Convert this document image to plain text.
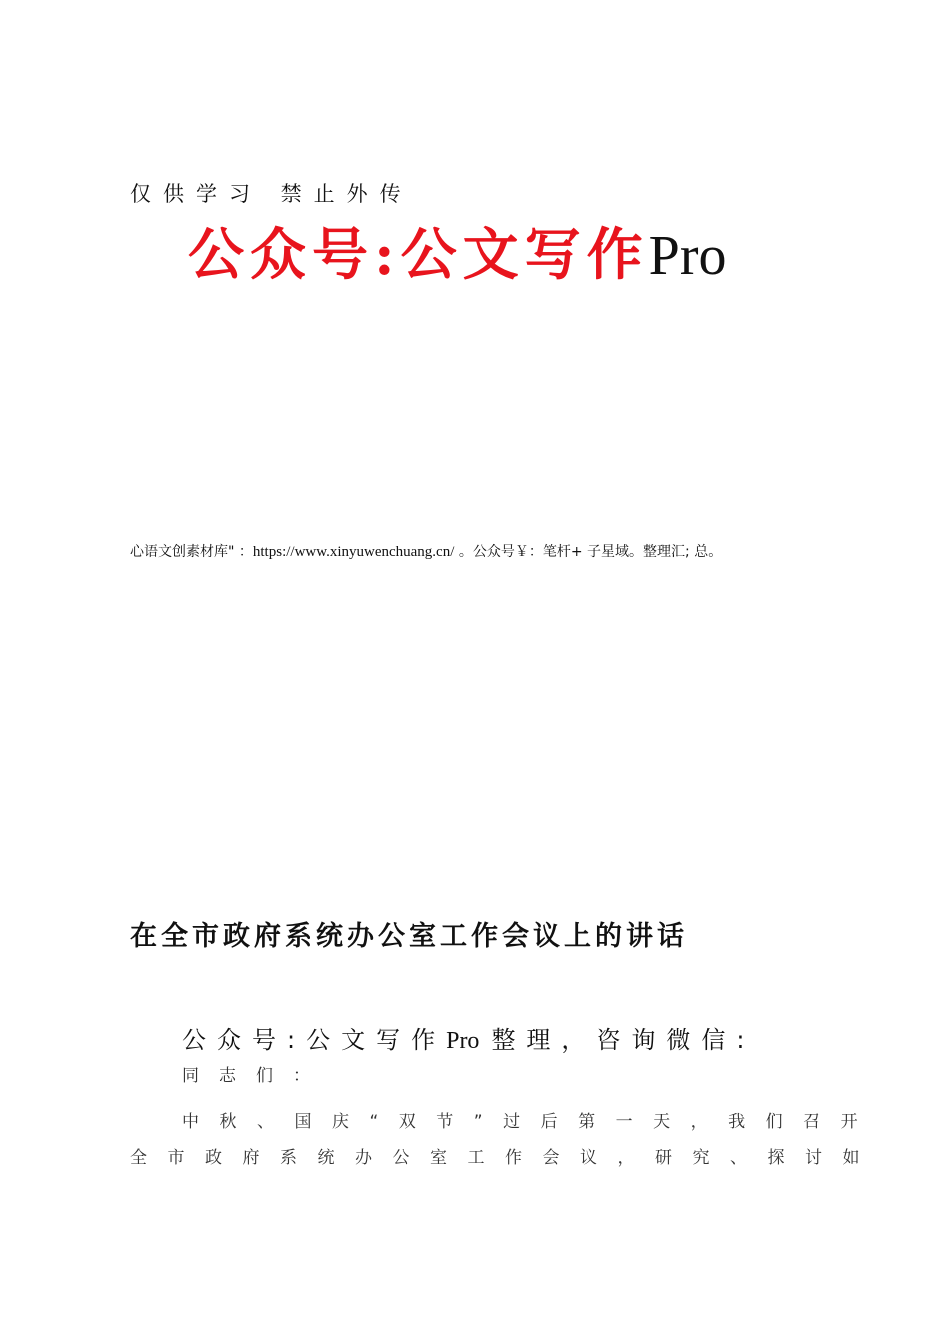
仅供学习 禁止外传
公众号:公文写作Pro
心语文创素材库" ：https://www.xinyuwenchuang.cn/ 。公众号￥：笔杆+ 子星域。整理汇; 总。
在全市政府系统办公室工作会议上的讲话
公众号:公文写作Pro 整理，咨询微信:
同志们：
中秋、国庆“双节”过后第一天，我们召开
全市政府系统办公室工作会议，研究、探讨如
